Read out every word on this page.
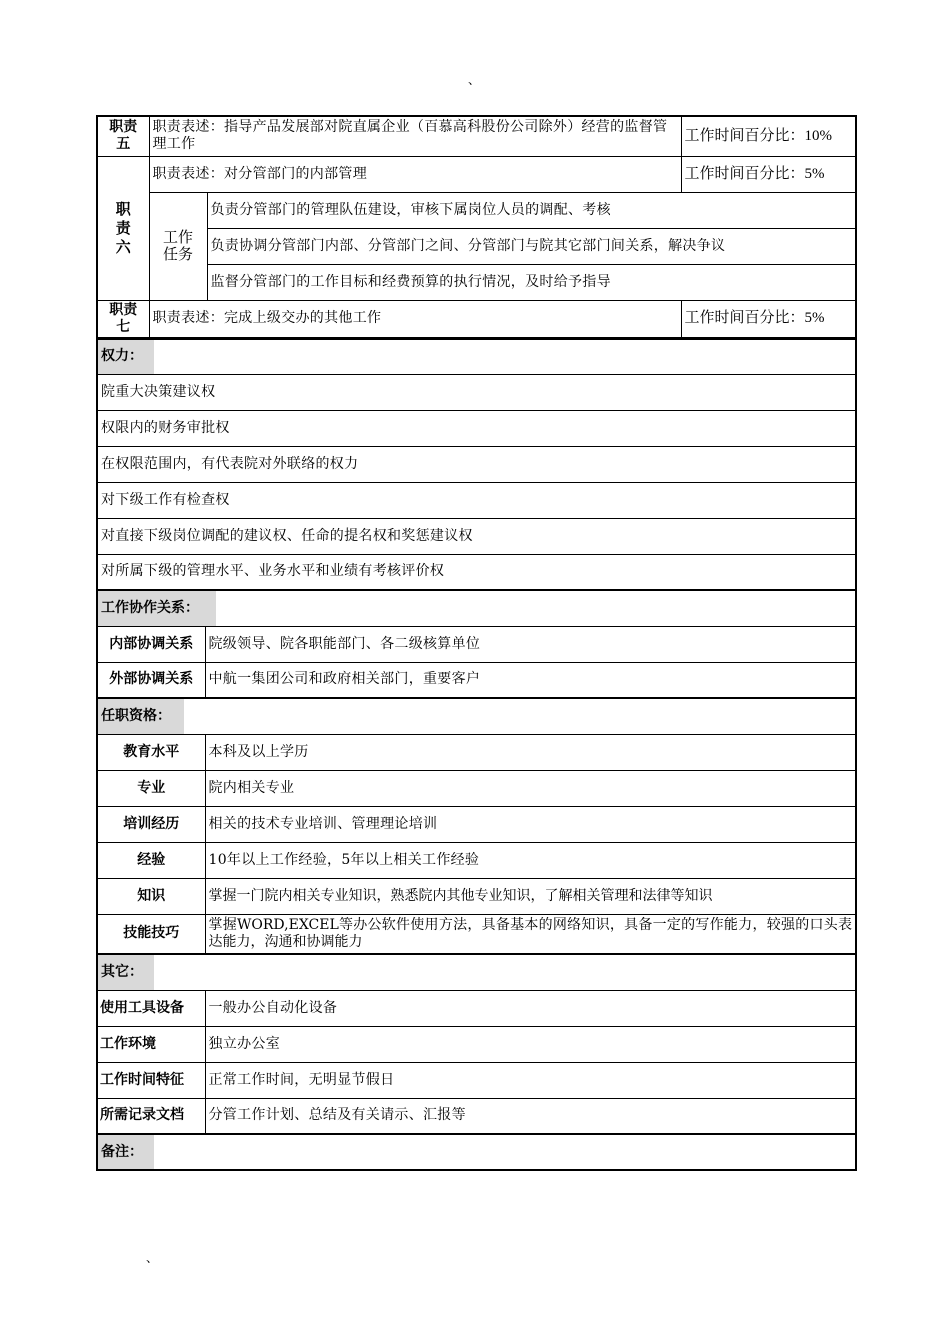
、
职责五	职责表述：指导产品发展部对院直属企业（百慕高科股份公司除外）经营的监督管理工作		工作时间百分比：10%
职责六	职责表述：对分管部门的内部管理		工作时间百分比：5%
	工作任务	负责分管部门的管理队伍建设，审核下属岗位人员的调配、考核	
		负责协调分管部门内部、分管部门之间、分管部门与院其它部门间关系，解决争议	
		监督分管部门的工作目标和经费预算的执行情况，及时给予指导	
职责七	职责表述：完成上级交办的其他工作		工作时间百分比：5%
权力：	
院重大决策建议权	
权限内的财务审批权	
在权限范围内，有代表院对外联络的权力	
对下级工作有检查权	
对直接下级岗位调配的建议权、任命的提名权和奖惩建议权	
对所属下级的管理水平、业务水平和业绩有考核评价权	
工作协作关系：	
内部协调关系	院级领导、院各职能部门、各二级核算单位
外部协调关系	中航一集团公司和政府相关部门，重要客户
任职资格：	
教育水平	本科及以上学历
专业	院内相关专业
培训经历	相关的技术专业培训、管理理论培训
经验	10年以上工作经验，5年以上相关工作经验
知识	掌握一门院内相关专业知识，熟悉院内其他专业知识，了解相关管理和法律等知识
技能技巧	掌握WORD,EXCEL等办公软件使用方法，具备基本的网络知识，具备一定的写作能力，较强的口头表达能力，沟通和协调能力
其它：	
使用工具设备	一般办公自动化设备
工作环境	独立办公室
工作时间特征	正常工作时间，无明显节假日
所需记录文档	分管工作计划、总结及有关请示、汇报等
备注：	
、
